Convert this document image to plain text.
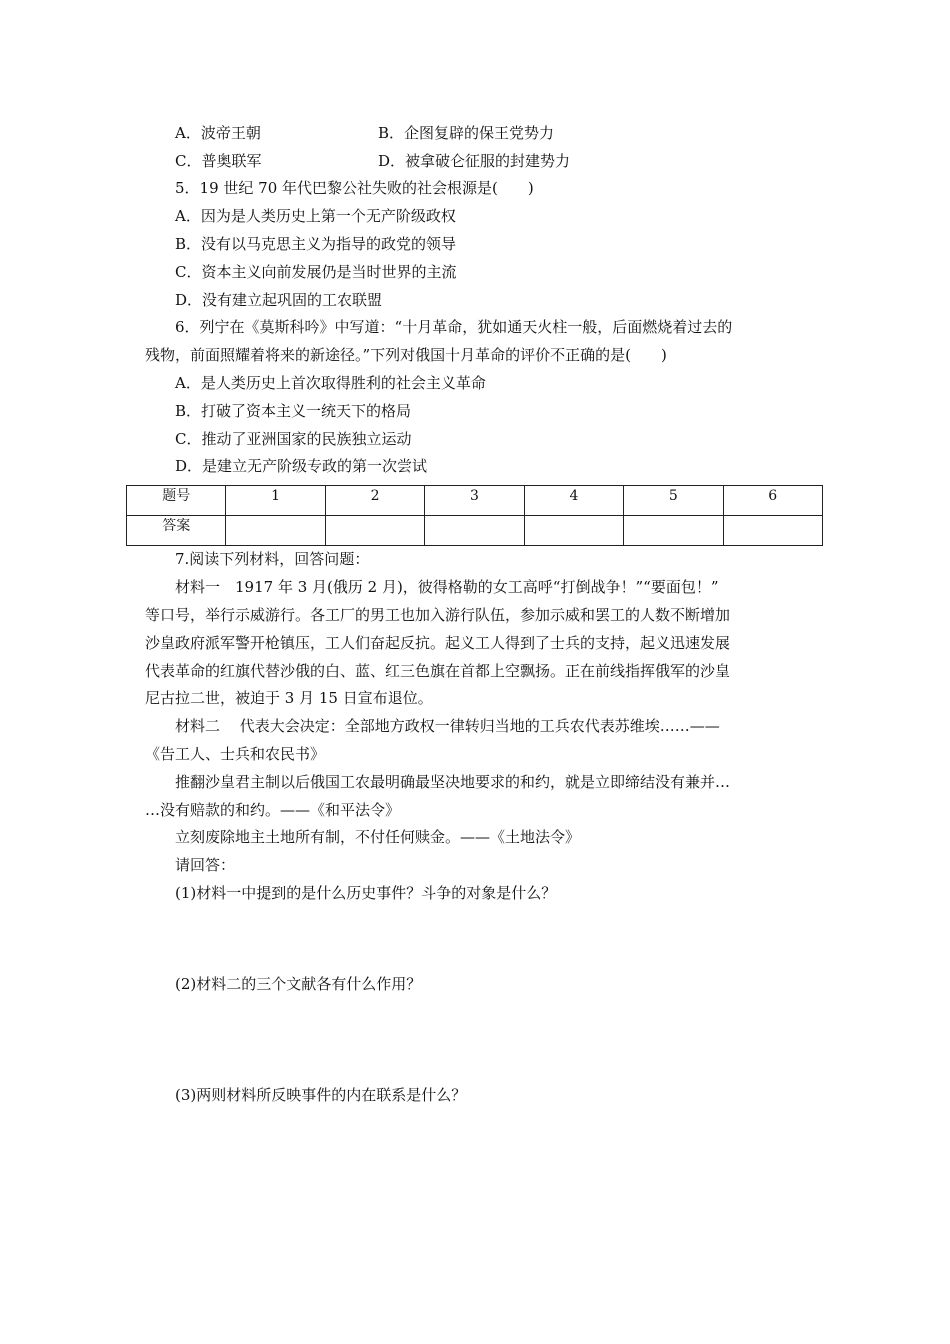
A．波帝王朝	B．企图复辟的保王党势力
C．普奥联军	D．被拿破仑征服的封建势力
5．19 世纪 70 年代巴黎公社失败的社会根源是(　　)
A．因为是人类历史上第一个无产阶级政权
B．没有以马克思主义为指导的政党的领导
C．资本主义向前发展仍是当时世界的主流
D．没有建立起巩固的工农联盟
6．列宁在《莫斯科吟》中写道：“十月革命，犹如通天火柱一般，后面燃烧着过去的
残物，前面照耀着将来的新途径。”下列对俄国十月革命的评价不正确的是(　　)
A．是人类历史上首次取得胜利的社会主义革命
B．打破了资本主义一统天下的格局
C．推动了亚洲国家的民族独立运动
D．是建立无产阶级专政的第一次尝试
题号	1	2	3	4	5	6
答案						
7.阅读下列材料，回答问题：
材料一　1917 年 3 月(俄历 2 月)，彼得格勒的女工高呼“打倒战争！”“要面包！”
等口号，举行示威游行。各工厂的男工也加入游行队伍，参加示威和罢工的人数不断增加
沙皇政府派军警开枪镇压，工人们奋起反抗。起义工人得到了士兵的支持，起义迅速发展
代表革命的红旗代替沙俄的白、蓝、红三色旗在首都上空飘扬。正在前线指挥俄军的沙皇
尼古拉二世，被迫于 3 月 15 日宣布退位。
材料二　 代表大会决定：全部地方政权一律转归当地的工兵农代表苏维埃……——
《告工人、士兵和农民书》
推翻沙皇君主制以后俄国工农最明确最坚决地要求的和约，就是立即缔结没有兼并…
…没有赔款的和约。——《和平法令》
立刻废除地主土地所有制，不付任何赎金。——《土地法令》
请回答：
(1)材料一中提到的是什么历史事件？斗争的对象是什么？
(2)材料二的三个文献各有什么作用？
(3)两则材料所反映事件的内在联系是什么？
